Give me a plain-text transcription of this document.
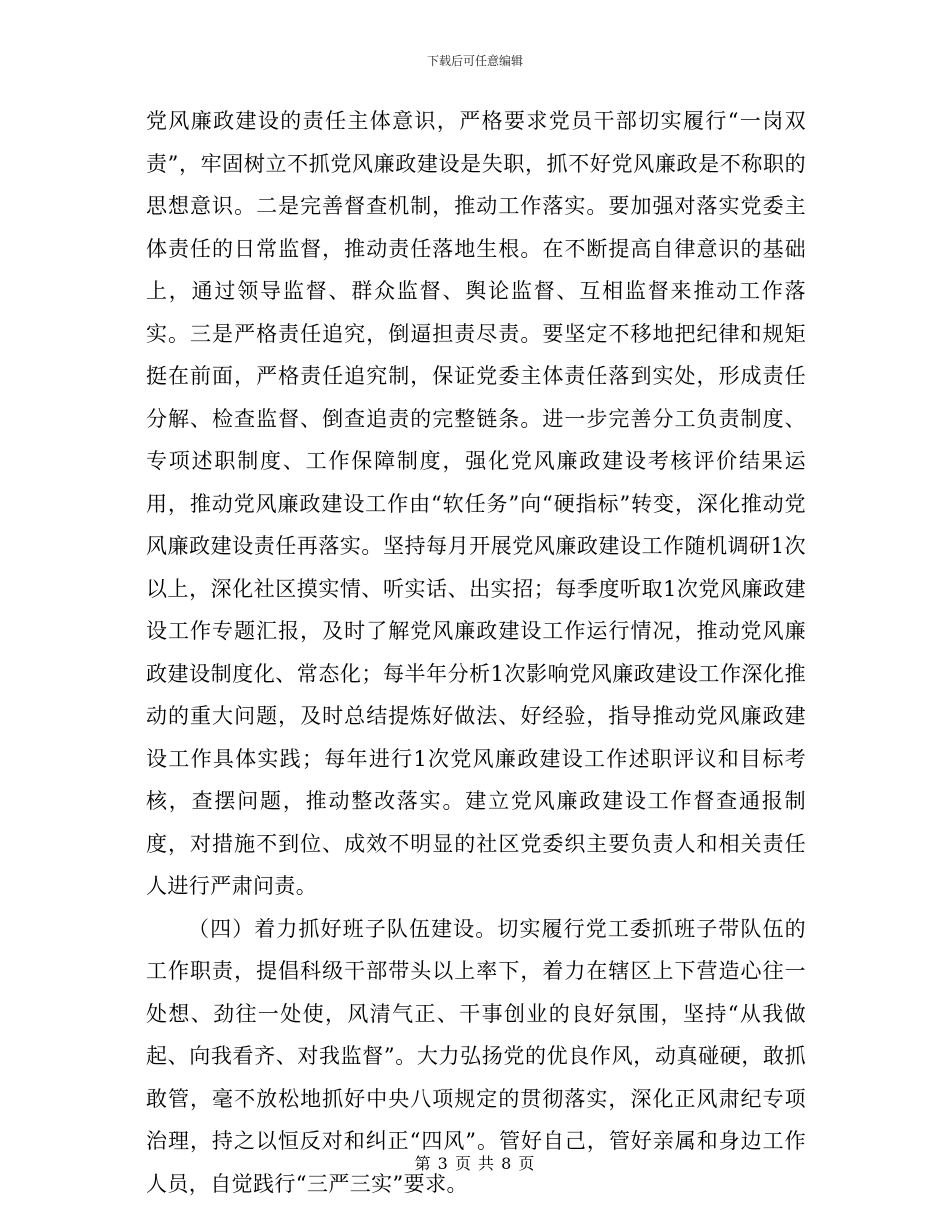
下载后可任意编辑

党风廉政建设的责任主体意识，严格要求党员干部切实履行“一岗双责”，牢固树立不抓党风廉政建设是失职，抓不好党风廉政是不称职的思想意识。二是完善督查机制，推动工作落实。要加强对落实党委主体责任的日常监督，推动责任落地生根。在不断提高自律意识的基础上，通过领导监督、群众监督、舆论监督、互相监督来推动工作落实。三是严格责任追究，倒逼担责尽责。要坚定不移地把纪律和规矩挺在前面，严格责任追究制，保证党委主体责任落到实处，形成责任分解、检查监督、倒查追责的完整链条。进一步完善分工负责制度、专项述职制度、工作保障制度，强化党风廉政建设考核评价结果运用，推动党风廉政建设工作由“软任务”向“硬指标”转变，深化推动党风廉政建设责任再落实。坚持每月开展党风廉政建设工作随机调研1次以上，深化社区摸实情、听实话、出实招；每季度听取1次党风廉政建设工作专题汇报，及时了解党风廉政建设工作运行情况，推动党风廉政建设制度化、常态化；每半年分析1次影响党风廉政建设工作深化推动的重大问题，及时总结提炼好做法、好经验，指导推动党风廉政建设工作具体实践；每年进行1次党风廉政建设工作述职评议和目标考核，查摆问题，推动整改落实。建立党风廉政建设工作督查通报制度，对措施不到位、成效不明显的社区党委织主要负责人和相关责任人进行严肃问责。

（四）着力抓好班子队伍建设。切实履行党工委抓班子带队伍的工作职责，提倡科级干部带头以上率下，着力在辖区上下营造心往一处想、劲往一处使，风清气正、干事创业的良好氛围，坚持“从我做起、向我看齐、对我监督”。大力弘扬党的优良作风，动真碰硬，敢抓敢管，毫不放松地抓好中央八项规定的贯彻落实，深化正风肃纪专项治理，持之以恒反对和纠正“四风”。管好自己，管好亲属和身边工作人员，自觉践行“三严三实”要求。

第 3 页 共 8 页
